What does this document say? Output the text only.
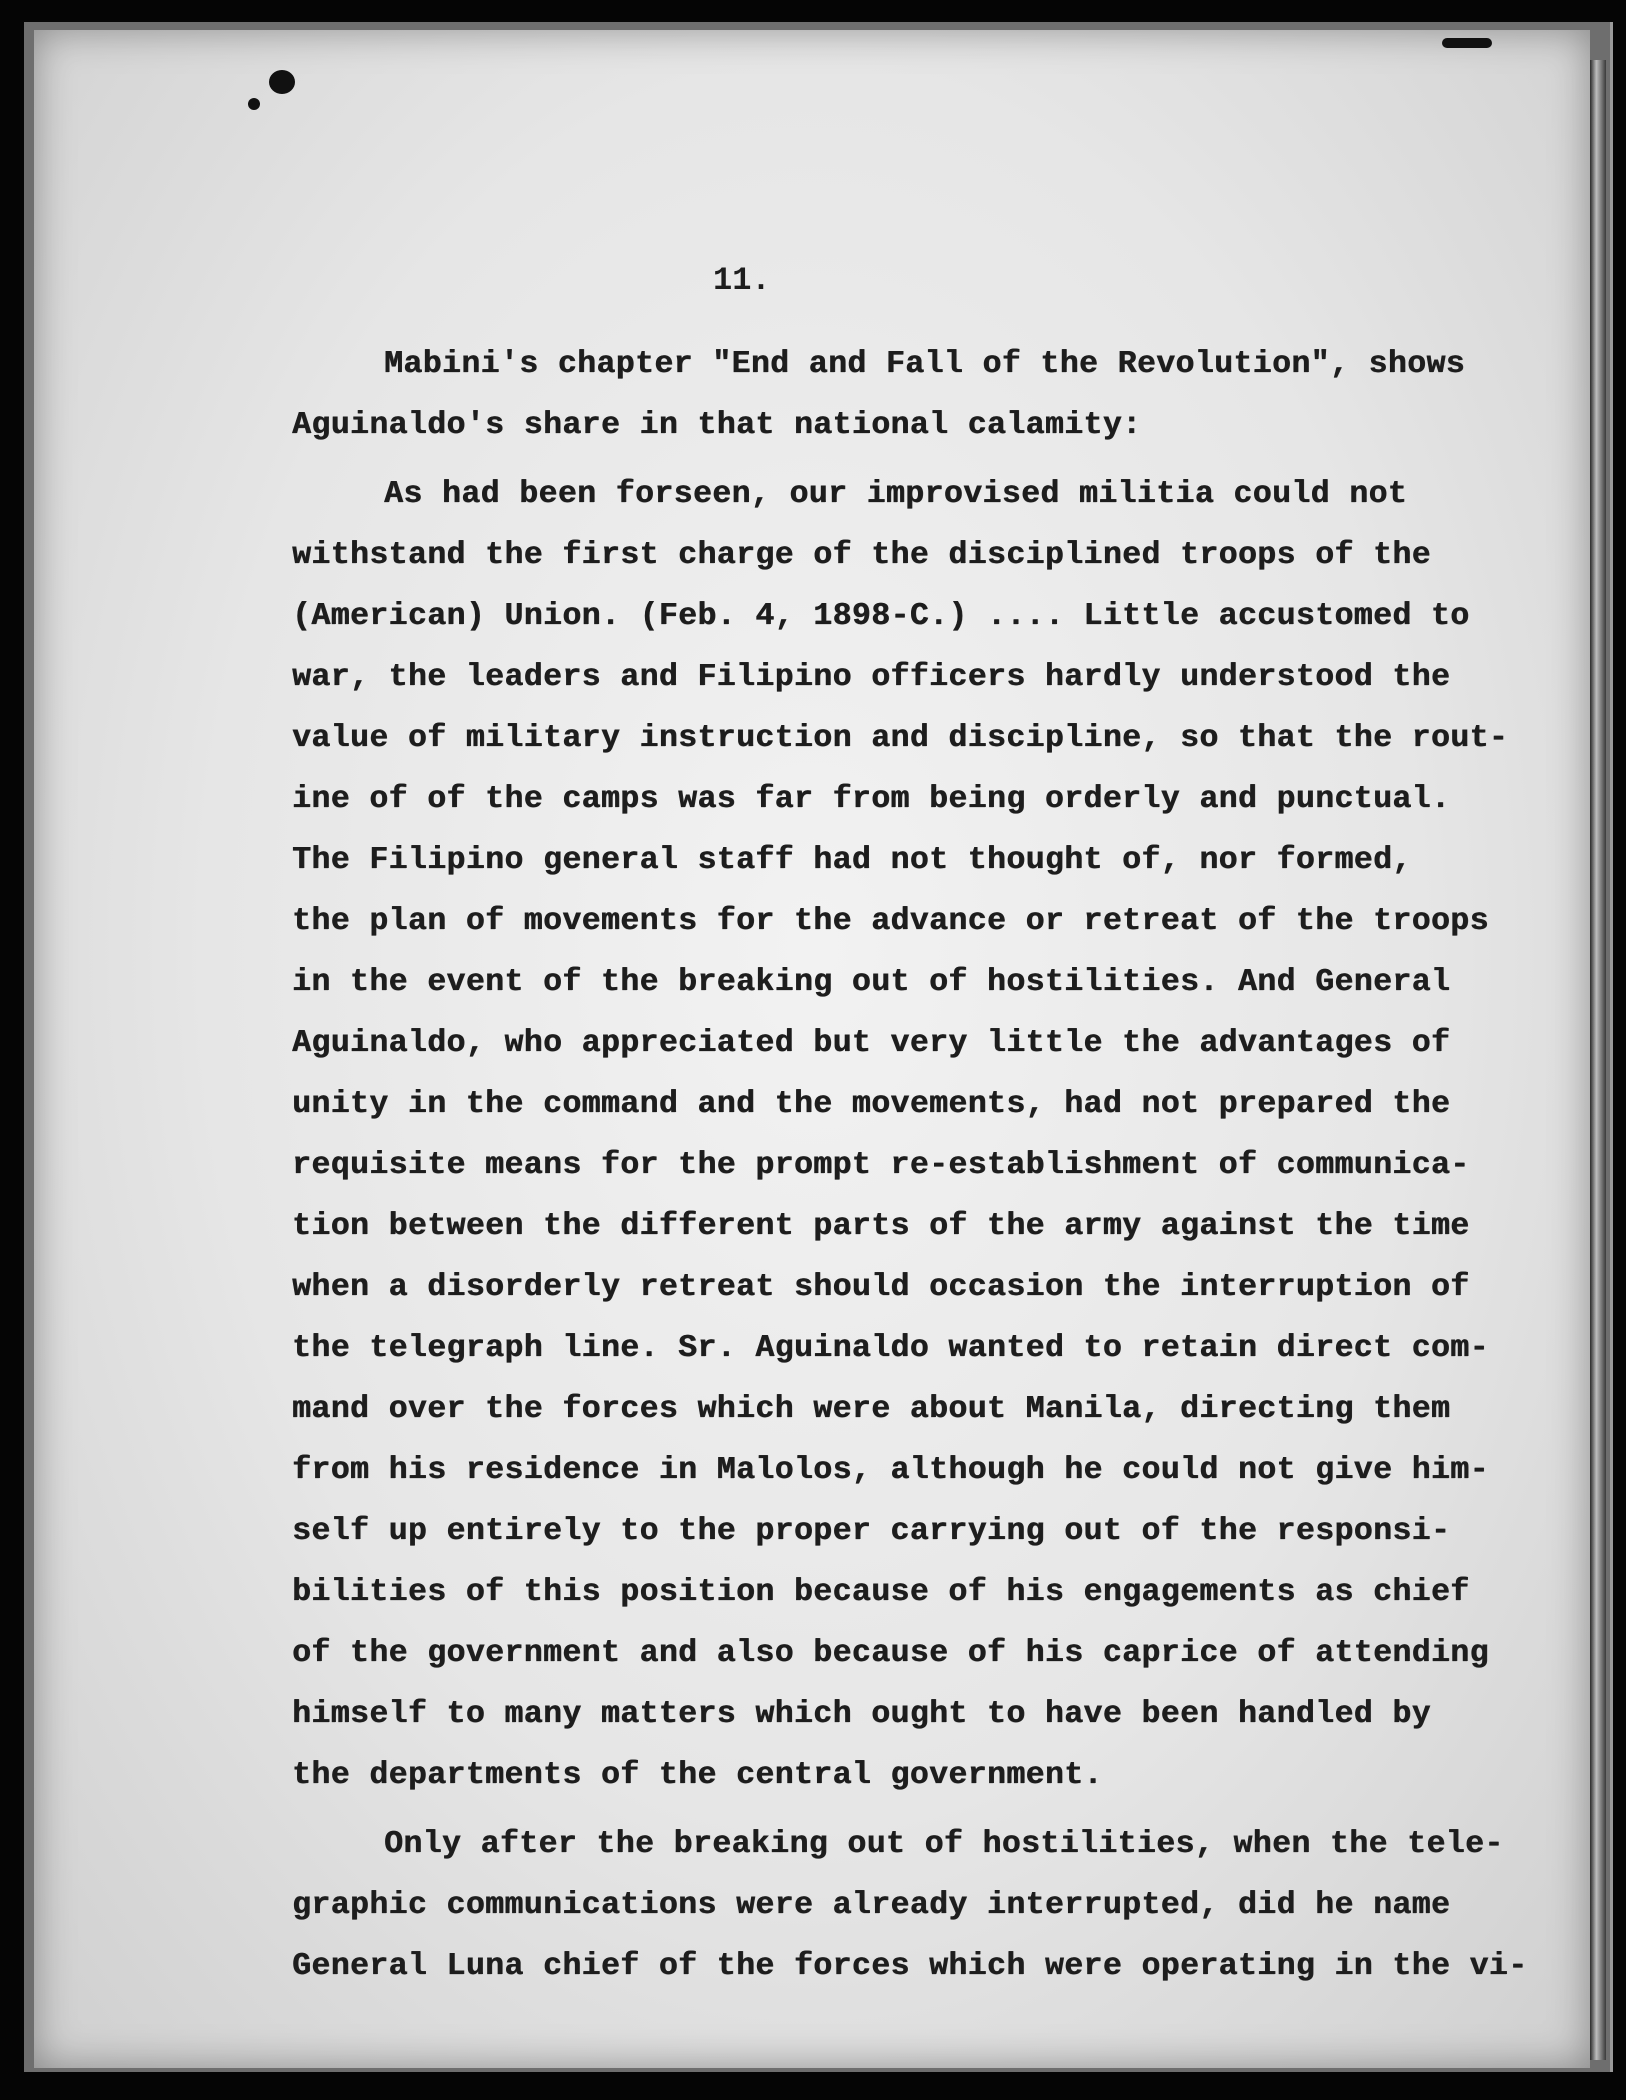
11.
Mabini's chapter "End and Fall of the Revolution", shows
Aguinaldo's share in that national calamity:
As had been forseen, our improvised militia could not
withstand the first charge of the disciplined troops of the
(American) Union. (Feb. 4, 1898-C.) .... Little accustomed to
war, the leaders and Filipino officers hardly understood the
value of military instruction and discipline, so that the rout-
ine of of the camps was far from being orderly and punctual.
The Filipino general staff had not thought of, nor formed,
the plan of movements for the advance or retreat of the troops
in the event of the breaking out of hostilities. And General
Aguinaldo, who appreciated but very little the advantages of
unity in the command and the movements, had not prepared the
requisite means for the prompt re-establishment of communica-
tion between the different parts of the army against the time
when a disorderly retreat should occasion the interruption of
the telegraph line. Sr. Aguinaldo wanted to retain direct com-
mand over the forces which were about Manila, directing them
from his residence in Malolos, although he could not give him-
self up entirely to the proper carrying out of the responsi-
bilities of this position because of his engagements as chief
of the government and also because of his caprice of attending
himself to many matters which ought to have been handled by
the departments of the central government.
Only after the breaking out of hostilities, when the tele-
graphic communications were already interrupted, did he name
General Luna chief of the forces which were operating in the vi-
